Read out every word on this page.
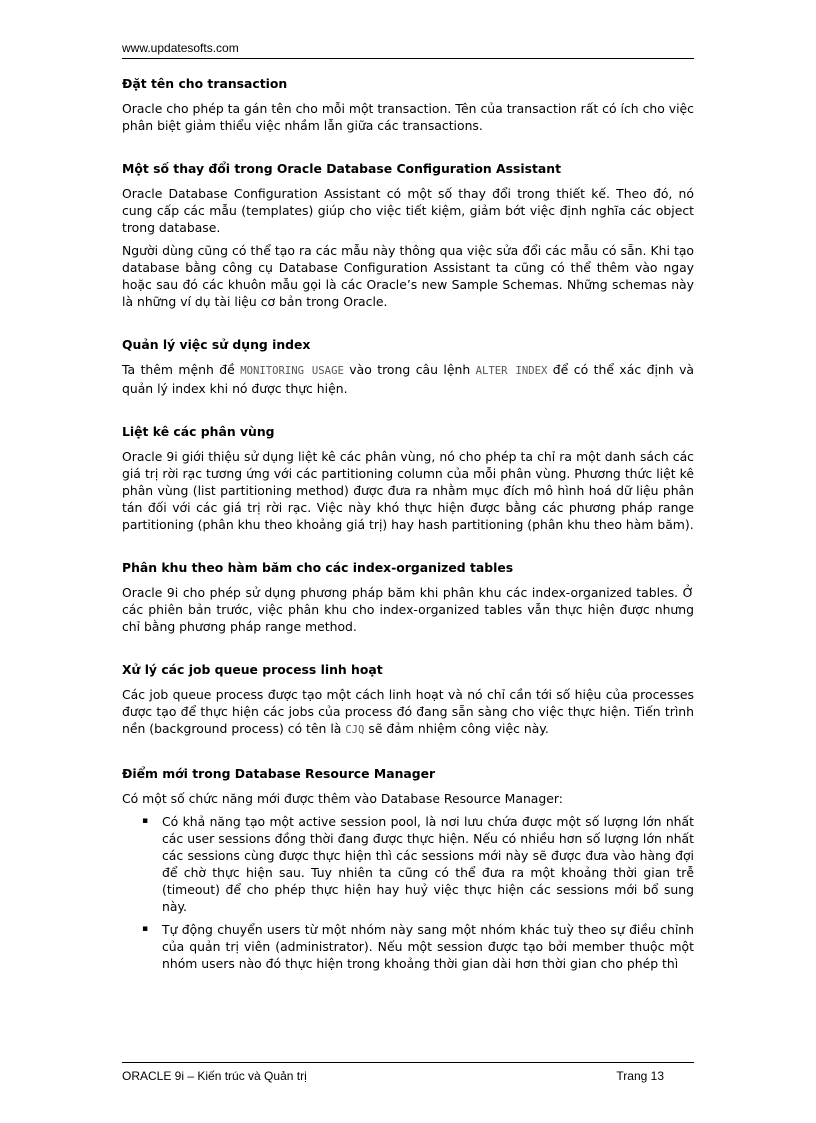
www.updatesofts.com
Đặt tên cho transaction

Oracle cho phép ta gán tên cho mỗi một transaction. Tên của transaction rất có ích cho việc phân biệt giảm thiểu việc nhầm lẫn giữa các transactions.

Một số thay đổi trong Oracle Database Configuration Assistant

Oracle Database Configuration Assistant có một số thay đổi trong thiết kế. Theo đó, nó cung cấp các mẫu (templates) giúp cho việc tiết kiệm, giảm bớt việc định nghĩa các object trong database.

Người dùng cũng có thể tạo ra các mẫu này thông qua việc sửa đổi các mẫu có sẵn. Khi tạo database bằng công cụ Database Configuration Assistant ta cũng có thể thêm vào ngay hoặc sau đó các khuôn mẫu gọi là các Oracle’s new Sample Schemas. Những schemas này là những ví dụ tài liệu cơ bản trong Oracle.

Quản lý việc sử dụng index

Ta thêm mệnh đề MONITORING USAGE vào trong câu lệnh ALTER INDEX để có thể xác định và quản lý index khi nó được thực hiện.

Liệt kê các phân vùng

Oracle 9i giới thiệu sử dụng liệt kê các phân vùng, nó cho phép ta chỉ ra một danh sách các giá trị rời rạc tương ứng với các partitioning column của mỗi phân vùng. Phương thức liệt kê phân vùng (list partitioning method) được đưa ra nhằm mục đích mô hình hoá dữ liệu phân tán đối với các giá trị rời rạc. Việc này khó thực hiện được bằng các phương pháp range partitioning (phân khu theo khoảng giá trị) hay hash partitioning (phân khu theo hàm băm).

Phân khu theo hàm băm cho các index-organized tables

Oracle 9i cho phép sử dụng phương pháp băm khi phân khu các index-organized tables. Ở các phiên bản trước, việc phân khu cho index-organized tables vẫn thực hiện được nhưng chỉ bằng phương pháp range method.

Xử lý các job queue process linh hoạt

Các job queue process được tạo một cách linh hoạt và nó chỉ cần tới số hiệu của processes được tạo để thực hiện các jobs của process đó đang sẵn sàng cho việc thực hiện. Tiến trình nền (background process) có tên là CJQ sẽ đảm nhiệm công việc này.

Điểm mới trong Database Resource Manager

Có một số chức năng mới được thêm vào Database Resource Manager:

▪ Có khả năng tạo một active session pool, là nơi lưu chứa được một số lượng lớn nhất các user sessions đồng thời đang được thực hiện. Nếu có nhiều hơn số lượng lớn nhất các sessions cùng được thực hiện thì các sessions mới này sẽ được đưa vào hàng đợi để chờ thực hiện sau. Tuy nhiên ta cũng có thể đưa ra một khoảng thời gian trễ (timeout) để cho phép thực hiện hay huỷ việc thực hiện các sessions mới bổ sung này.
▪ Tự động chuyển users từ một nhóm này sang một nhóm khác tuỳ theo sự điều chỉnh của quản trị viên (administrator). Nếu một session được tạo bởi member thuộc một nhóm users nào đó thực hiện trong khoảng thời gian dài hơn thời gian cho phép thì
ORACLE 9i – Kiến trúc và Quản trị	Trang 13
